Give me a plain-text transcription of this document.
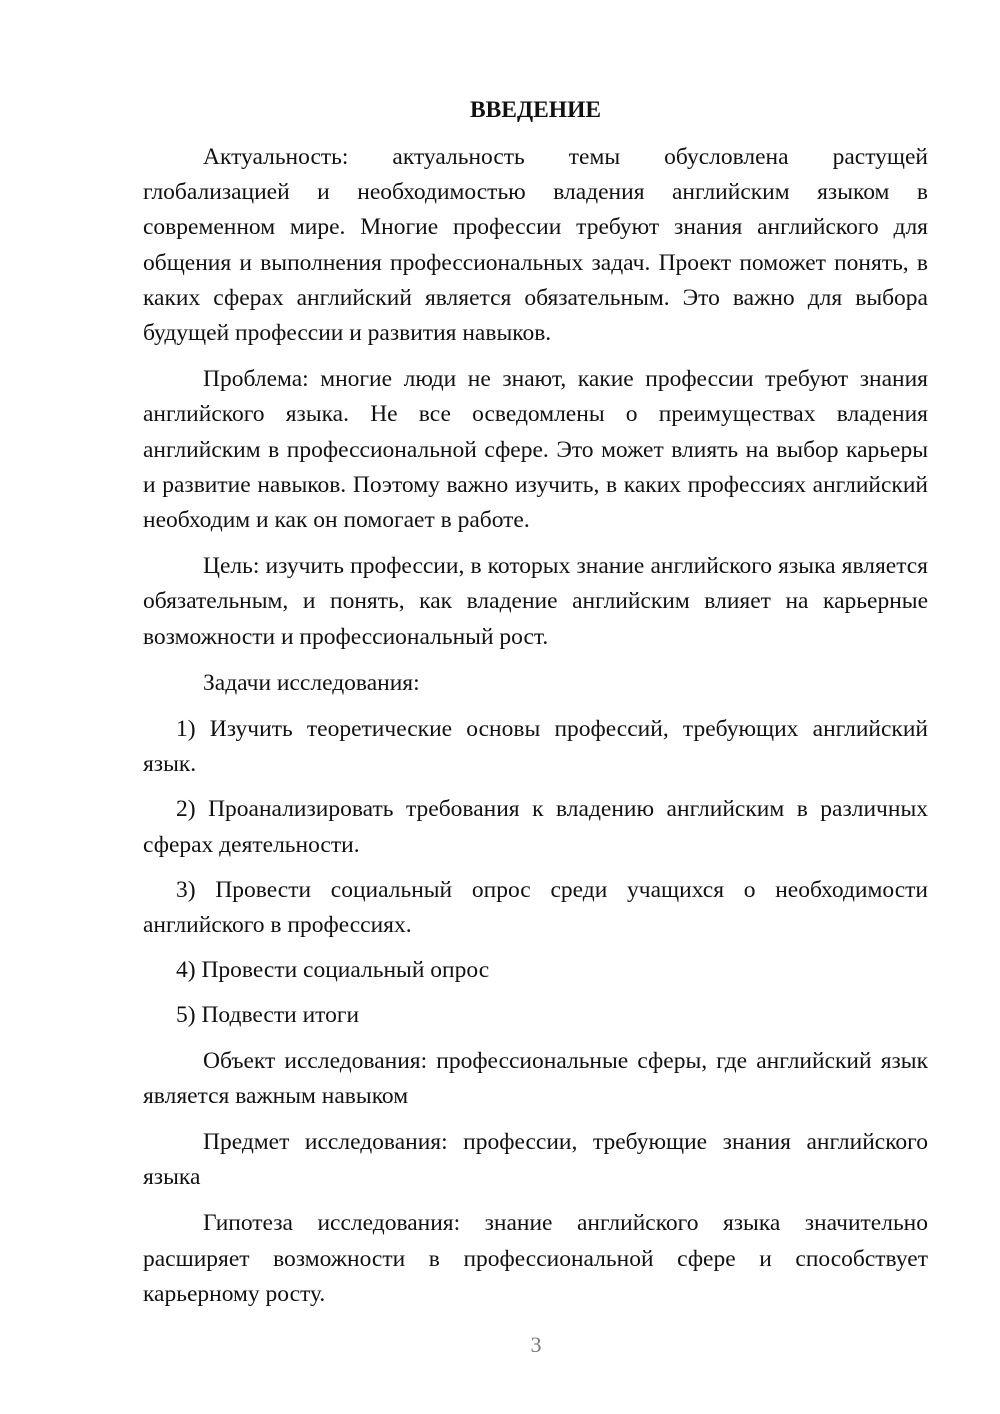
ВВЕДЕНИЕ

Актуальность: актуальность темы обусловлена растущей глобализацией и необходимостью владения английским языком в современном мире. Многие профессии требуют знания английского для общения и выполнения профессиональных задач. Проект поможет понять, в каких сферах английский является обязательным. Это важно для выбора будущей профессии и развития навыков.

Проблема: многие люди не знают, какие профессии требуют знания английского языка. Не все осведомлены о преимуществах владения английским в профессиональной сфере. Это может влиять на выбор карьеры и развитие навыков. Поэтому важно изучить, в каких профессиях английский необходим и как он помогает в работе.

Цель: изучить профессии, в которых знание английского языка является обязательным, и понять, как владение английским влияет на карьерные возможности и профессиональный рост.

Задачи исследования:

1) Изучить теоретические основы профессий, требующих английский язык.

2) Проанализировать требования к владению английским в различных сферах деятельности.

3) Провести социальный опрос среди учащихся о необходимости английского в профессиях.

4) Провести социальный опрос

5) Подвести итоги

Объект исследования: профессиональные сферы, где английский язык является важным навыком

Предмет исследования: профессии, требующие знания английского языка

Гипотеза исследования: знание английского языка значительно расширяет возможности в профессиональной сфере и способствует карьерному росту.

3
